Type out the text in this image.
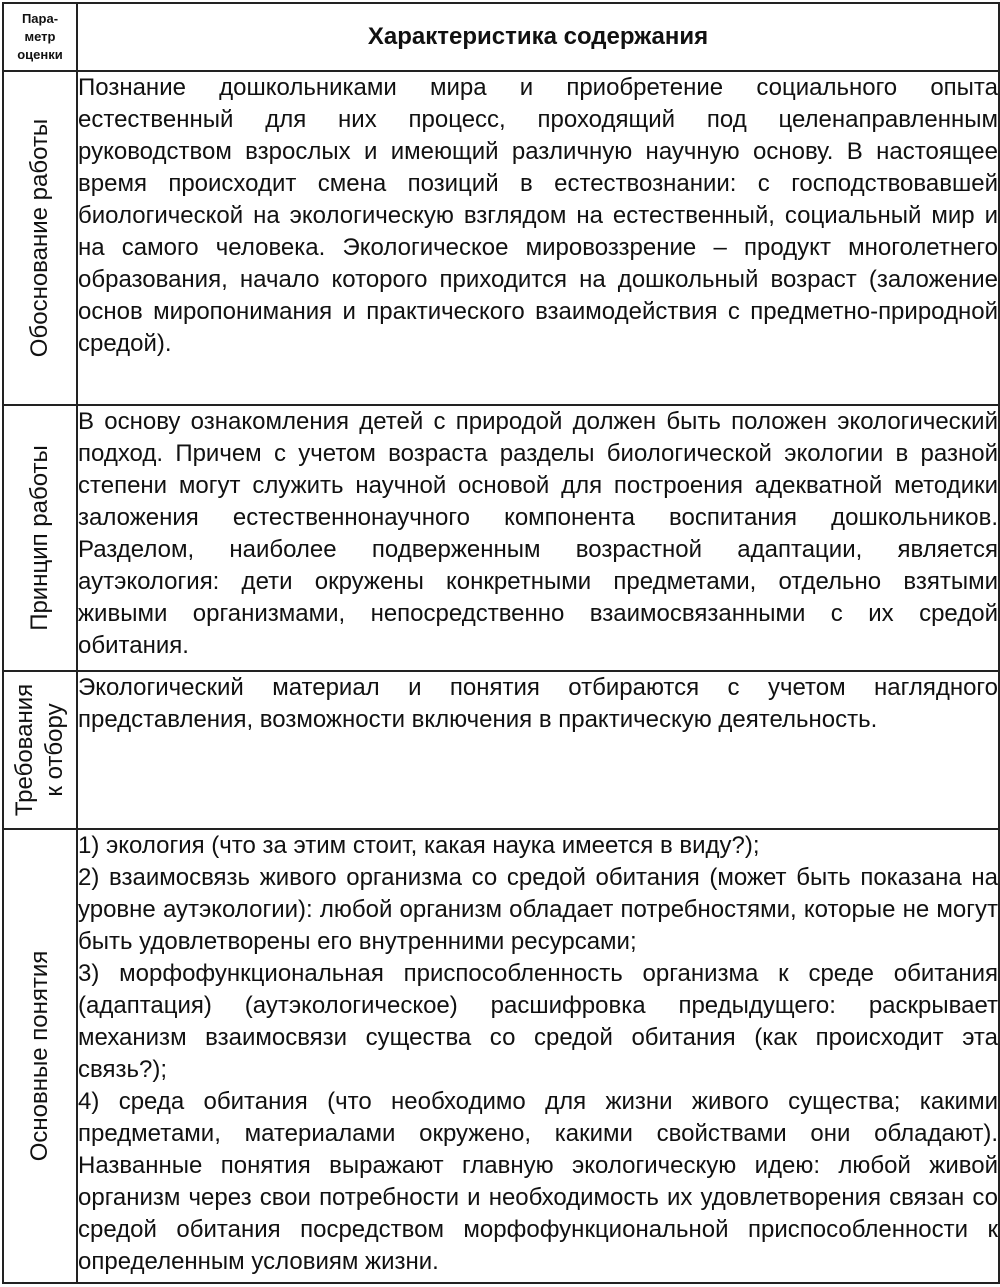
Пара-
метр
оценки	Характеристика содержания

Обоснование работы	Познание дошкольниками мира и приобретение социального опыта естественный для них процесс, проходящий под целенаправленным руководством взрослых и имеющий различную научную основу. В настоящее время происходит смена позиций в естествознании: с господствовавшей биологической на экологическую взглядом на естественный, социальный мир и на самого человека. Экологическое мировоззрение – продукт многолетнего образования, начало которого приходится на дошкольный возраст (заложение основ миропонимания и практического взаимодействия с предметно-природной средой).

Принцип работы	В основу ознакомления детей с природой должен быть положен экологический подход. Причем с учетом возраста разделы биологической экологии в разной степени могут служить научной основой для построения адекватной методики заложения естественнонаучного компонента воспитания дошкольников. Разделом, наиболее подверженным возрастной адаптации, является аутэкология: дети окружены конкретными предметами, отдельно взятыми живыми организмами, непосредственно взаимосвязанными с их средой обитания.

Требования к отбору	Экологический материал и понятия отбираются с учетом наглядного представления, возможности включения в практическую деятельность.

Основные понятия	1) экология (что за этим стоит, какая наука имеется в виду?);

2) взаимосвязь живого организма со средой обитания (может быть показана на уровне аутэкологии): любой организм обладает потребностями, которые не могут быть удовлетворены его внутренними ресурсами;

3) морфофункциональная приспособленность организма к среде обитания (адаптация) (аутэкологическое) расшифровка предыдущего: раскрывает механизм взаимосвязи существа со средой обитания (как происходит эта связь?);

4) среда обитания (что необходимо для жизни живого существа; какими предметами, материалами окружено, какими свойствами они обладают). Названные понятия выражают главную экологическую идею: любой живой организм через свои потребности и необходимость их удовлетворения связан со средой обитания посредством морфофункциональной приспособленности к определенным условиям жизни.
